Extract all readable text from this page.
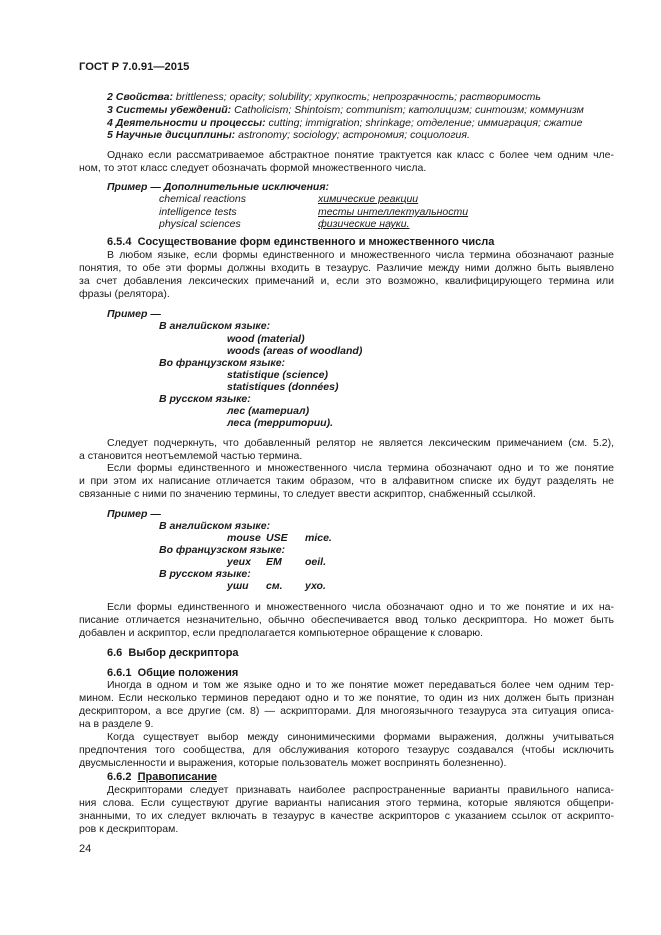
ГОСТ Р 7.0.91—2015
2 Свойства: brittleness; opacity; solubility; хрупкость; непрозрачность; растворимость
3 Системы убеждений: Catholicism; Shintoism; communism; католицизм; синтоизм; коммунизм
4 Деятельности и процессы: cutting; immigration; shrinkage; отделение; иммиграция; сжатие
5 Научные дисциплины: astronomy; sociology; астрономия; социология.
Однако если рассматриваемое абстрактное понятие трактуется как класс с более чем одним чле-
ном, то этот класс следует обозначать формой множественного числа.
Пример — Дополнительные исключения:
chemical reactions	химические реакции
intelligence tests	тесты интеллектуальности
physical sciences	физические науки.
6.5.4 Сосуществование форм единственного и множественного числа
В любом языке, если формы единственного и множественного числа термина обозначают разные
понятия, то обе эти формы должны входить в тезаурус. Различие между ними должно быть выявлено
за счет добавления лексических примечаний и, если это возможно, квалифицирующего термина или
фразы (релятора).
Пример —
В английском языке:
wood (material)
woods (areas of woodland)
Во французском языке:
statistique (science)
statistiques (données)
В русском языке:
лес (материал)
леса (территории).
Следует подчеркнуть, что добавленный релятор не является лексическим примечанием (см. 5.2),
а становится неотъемлемой частью термина.
Если формы единственного и множественного числа термина обозначают одно и то же понятие
и при этом их написание отличается таким образом, что в алфавитном списке их будут разделять не
связанные с ними по значению термины, то следует ввести аскриптор, снабженный ссылкой.
Пример —
В английском языке:
mouse USE mice.
Во французском языке:
yeux EM oeil.
В русском языке:
уши см. ухо.
Если формы единственного и множественного числа обозначают одно и то же понятие и их на-
писание отличается незначительно, обычно обеспечивается ввод только дескриптора. Но может быть
добавлен и аскриптор, если предполагается компьютерное обращение к словарю.
6.6 Выбор дескриптора
6.6.1 Общие положения
Иногда в одном и том же языке одно и то же понятие может передаваться более чем одним тер-
мином. Если несколько терминов передают одно и то же понятие, то один из них должен быть признан
дескриптором, а все другие (см. 8) — аскрипторами. Для многоязычного тезауруса эта ситуация описа-
на в разделе 9.
Когда существует выбор между синонимическими формами выражения, должны учитываться
предпочтения того сообщества, для обслуживания которого тезаурус создавался (чтобы исключить
двусмысленности и выражения, которые пользователь может воспринять болезненно).
6.6.2 Правописание
Дескрипторами следует признавать наиболее распространенные варианты правильного написа-
ния слова. Если существуют другие варианты написания этого термина, которые являются общепри-
знанными, то их следует включать в тезаурус в качестве аскрипторов с указанием ссылок от аскрипто-
ров к дескрипторам.
24
